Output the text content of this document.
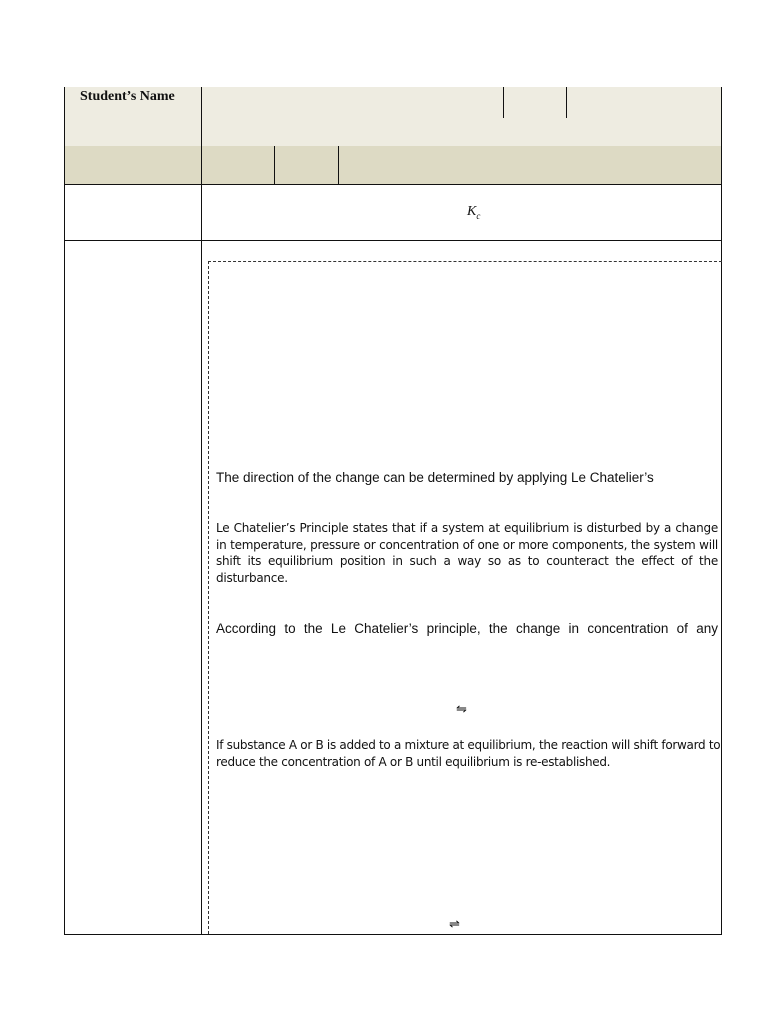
Student’s Name
$K_c$
The direction of the change can be determined by applying Le Chatelier’s
Le Chatelier’s Principle states that if a system at equilibrium is disturbed by a change in temperature, pressure or concentration of one or more components, the system will shift its equilibrium position in such a way so as to counteract the effect of the disturbance.
According to the Le Chatelier’s principle, the change in concentration of any
⇋
If substance A or B is added to a mixture at equilibrium, the reaction will shift forward to reduce the concentration of A or B until equilibrium is re-established.
⇌
